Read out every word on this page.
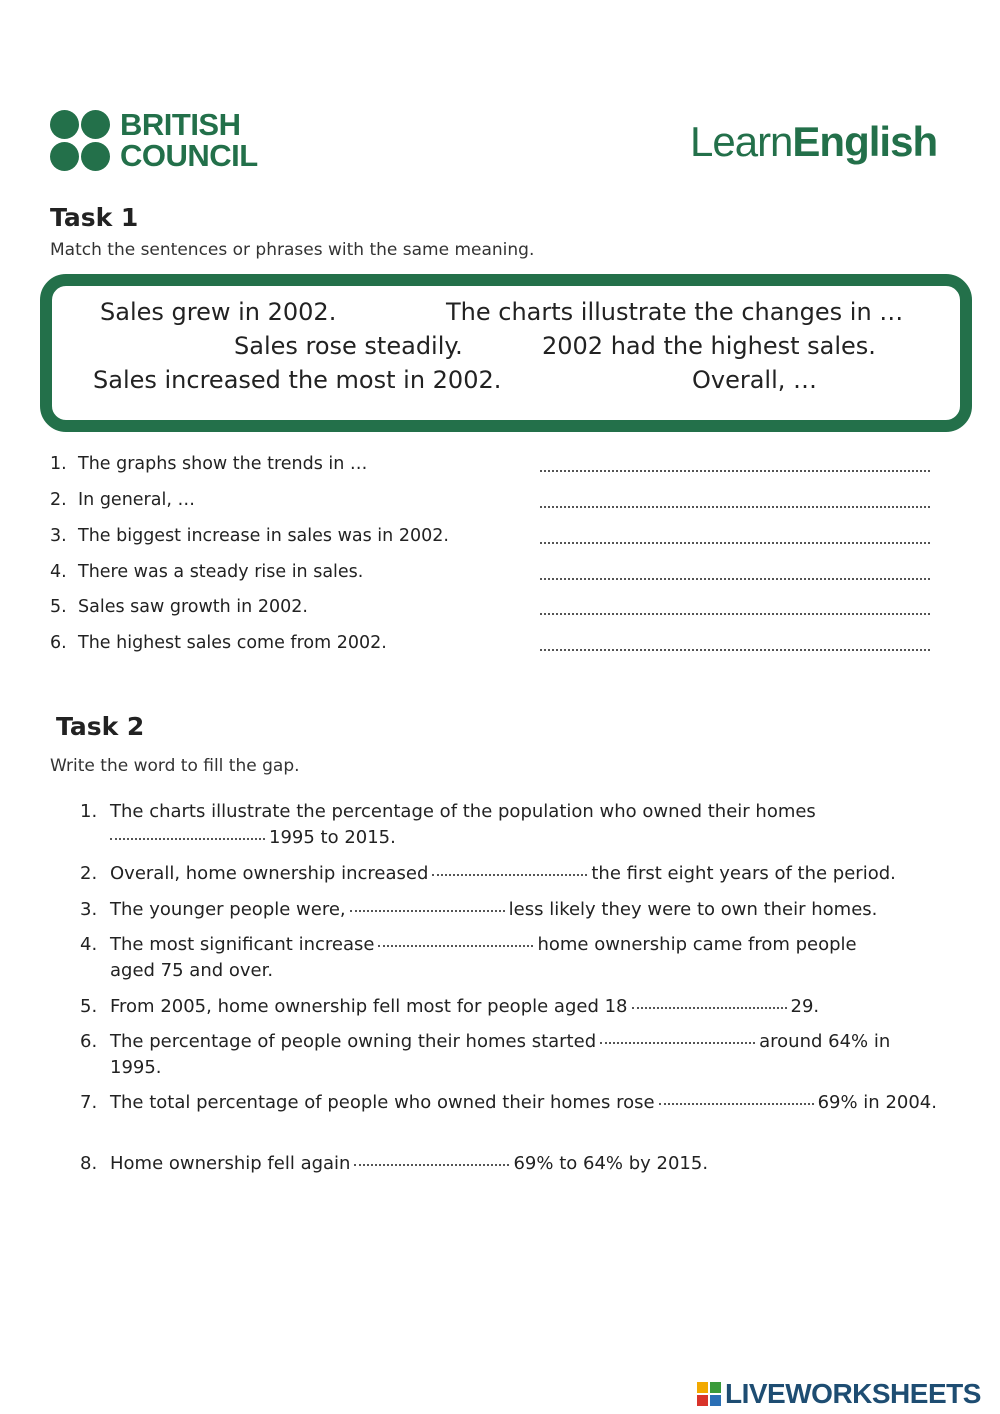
BRITISH
COUNCIL	LearnEnglish
Task 1
Match the sentences or phrases with the same meaning.
Sales grew in 2002.	The charts illustrate the changes in …
Sales rose steadily.	2002 had the highest sales.
Sales increased the most in 2002.	Overall, …
1. The graphs show the trends in …
2. In general, …
3. The biggest increase in sales was in 2002.
4. There was a steady rise in sales.
5. Sales saw growth in 2002.
6. The highest sales come from 2002.
Task 2
Write the word to fill the gap.
1. The charts illustrate the percentage of the population who owned their homes
1995 to 2015.
2. Overall, home ownership increased	the first eight years of the period.
3. The younger people were,	less likely they were to own their homes.
4. The most significant increase	home ownership came from people aged 75 and over.
5. From 2005, home ownership fell most for people aged 18	29.
6. The percentage of people owning their homes started	around 64% in 1995.
7. The total percentage of people who owned their homes rose	69% in 2004.
8. Home ownership fell again	69% to 64% by 2015.
LIVEWORKSHEETS
